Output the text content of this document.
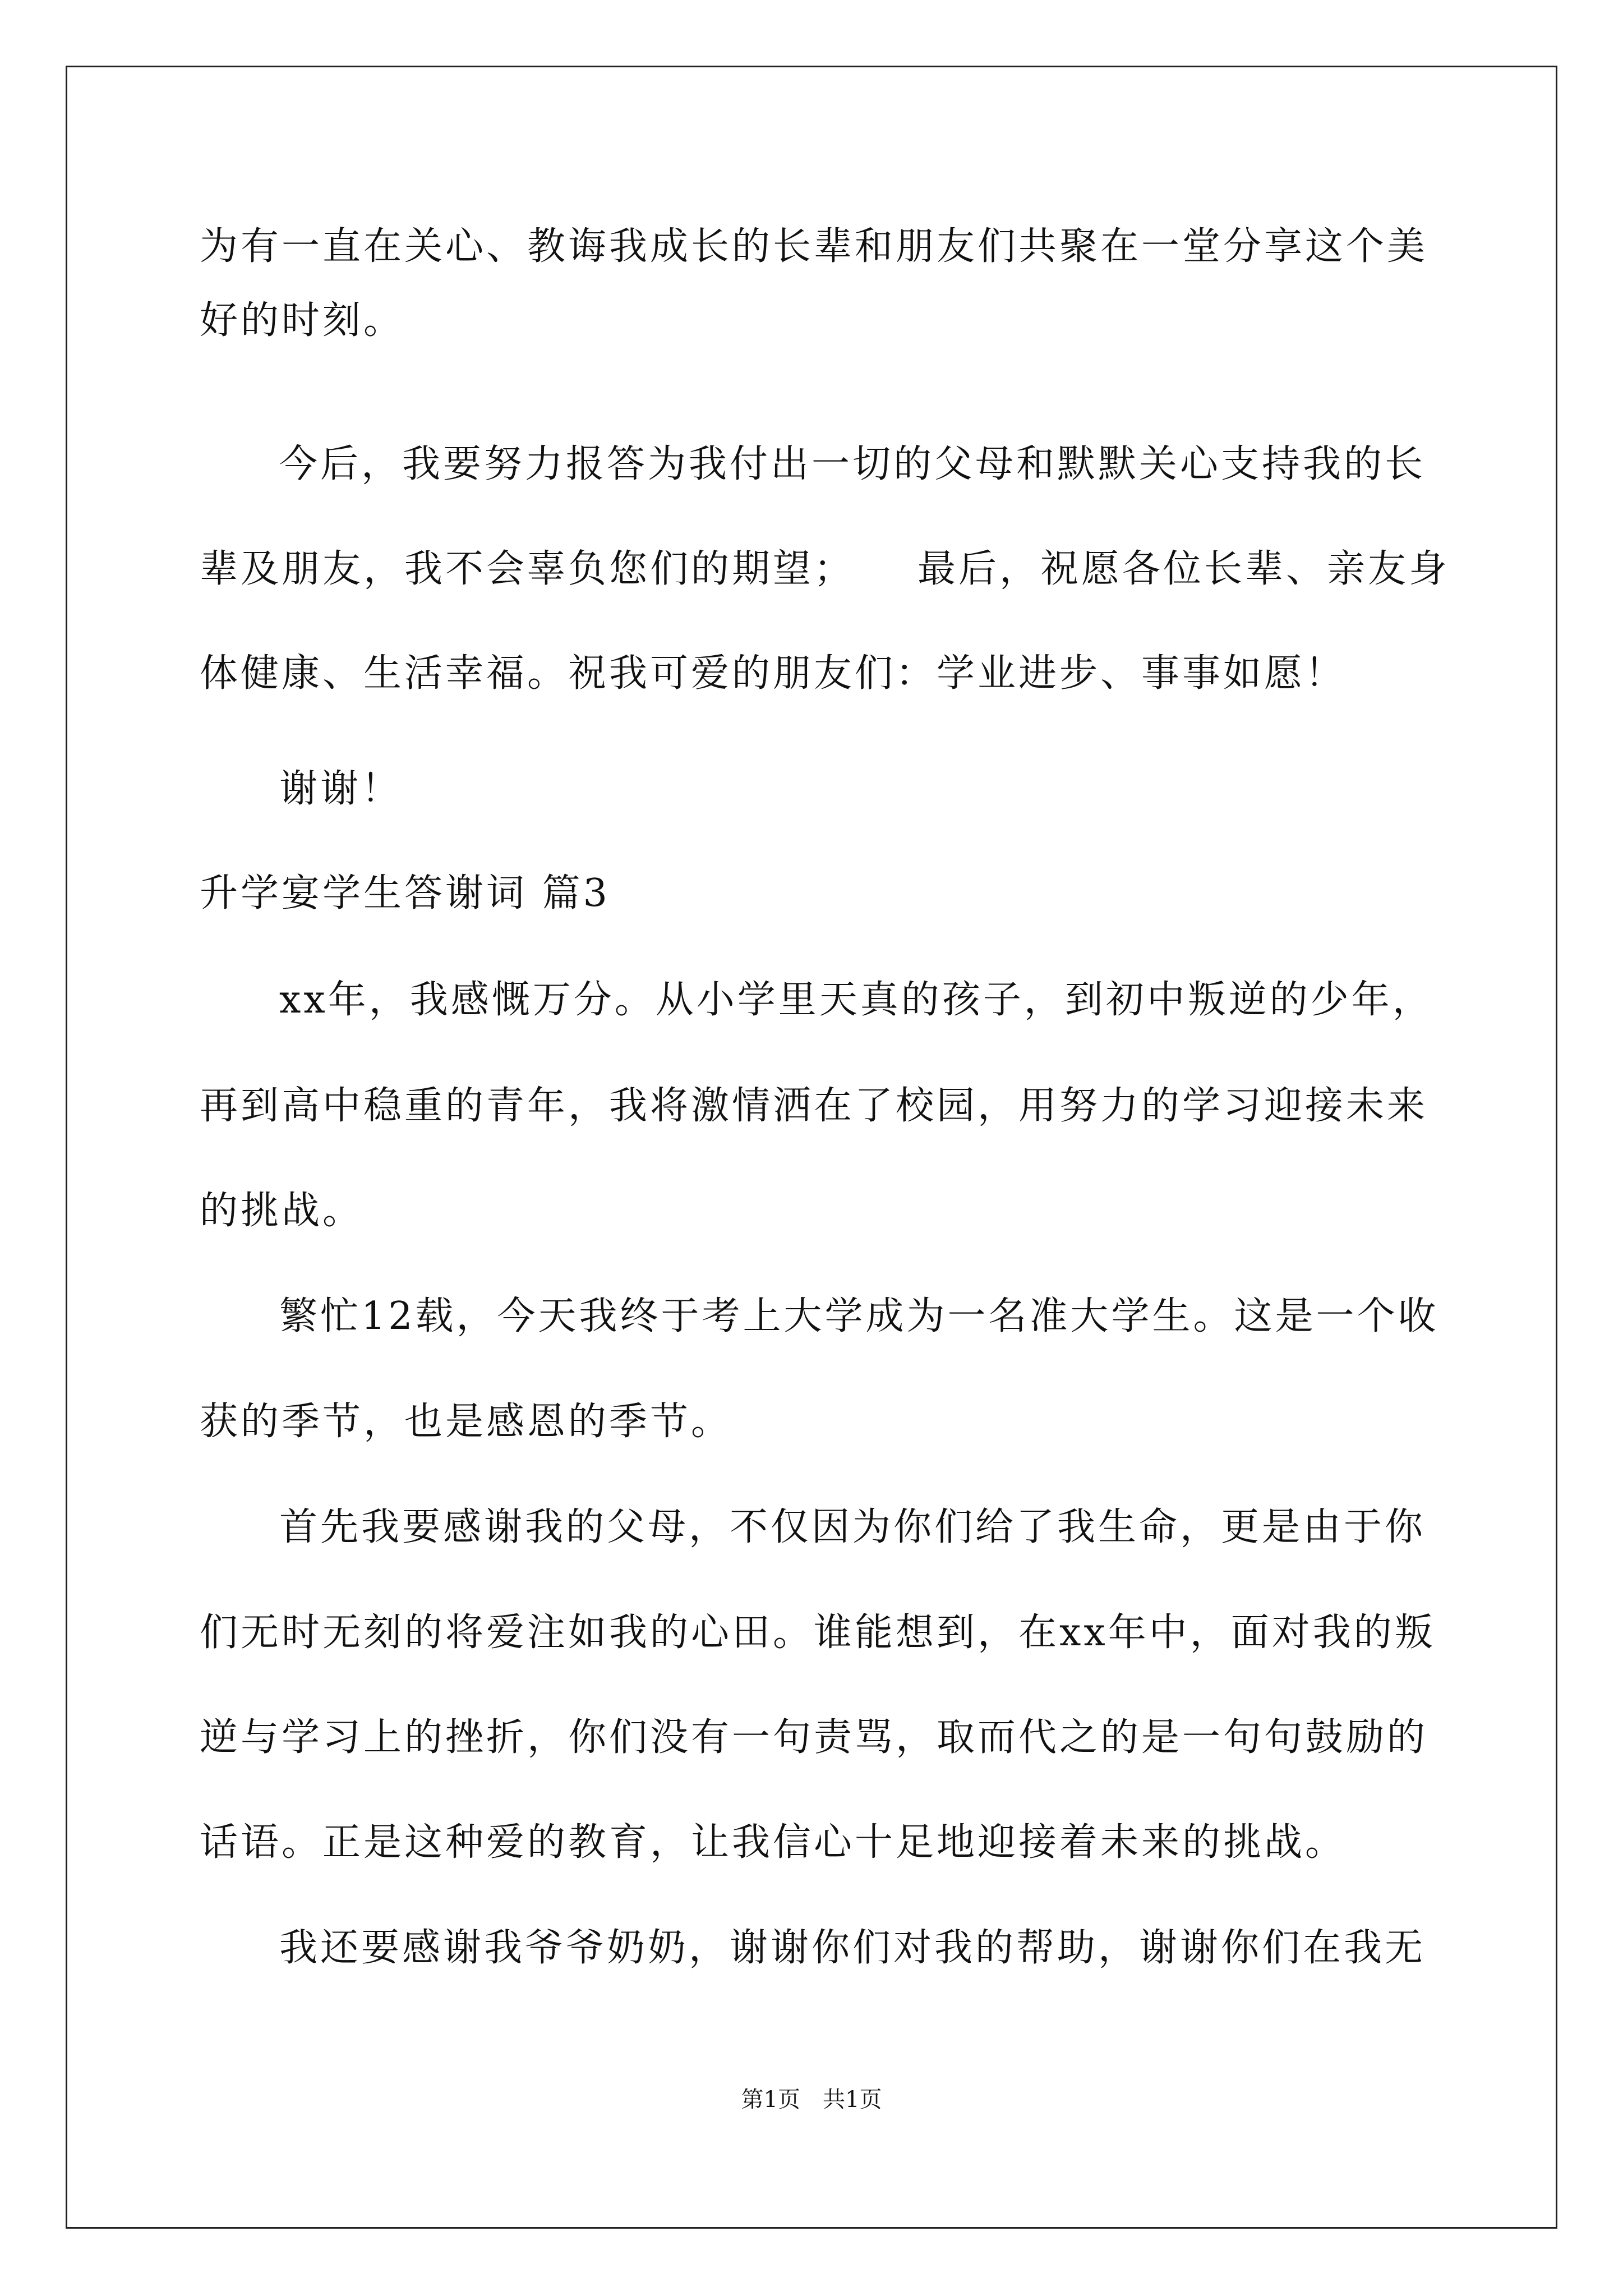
为有一直在关心、教诲我成长的长辈和朋友们共聚在一堂分享这个美
好的时刻。
今后，我要努力报答为我付出一切的父母和默默关心支持我的长
辈及朋友，我不会辜负您们的期望；　　最后，祝愿各位长辈、亲友身
体健康、生活幸福。祝我可爱的朋友们：学业进步、事事如愿！
谢谢！
升学宴学生答谢词 篇3
xx年，我感慨万分。从小学里天真的孩子，到初中叛逆的少年，
再到高中稳重的青年，我将激情洒在了校园，用努力的学习迎接未来
的挑战。
繁忙12载，今天我终于考上大学成为一名准大学生。这是一个收
获的季节，也是感恩的季节。
首先我要感谢我的父母，不仅因为你们给了我生命，更是由于你
们无时无刻的将爱注如我的心田。谁能想到，在xx年中，面对我的叛
逆与学习上的挫折，你们没有一句责骂，取而代之的是一句句鼓励的
话语。正是这种爱的教育，让我信心十足地迎接着未来的挑战。
我还要感谢我爷爷奶奶，谢谢你们对我的帮助，谢谢你们在我无
第1页 共1页
